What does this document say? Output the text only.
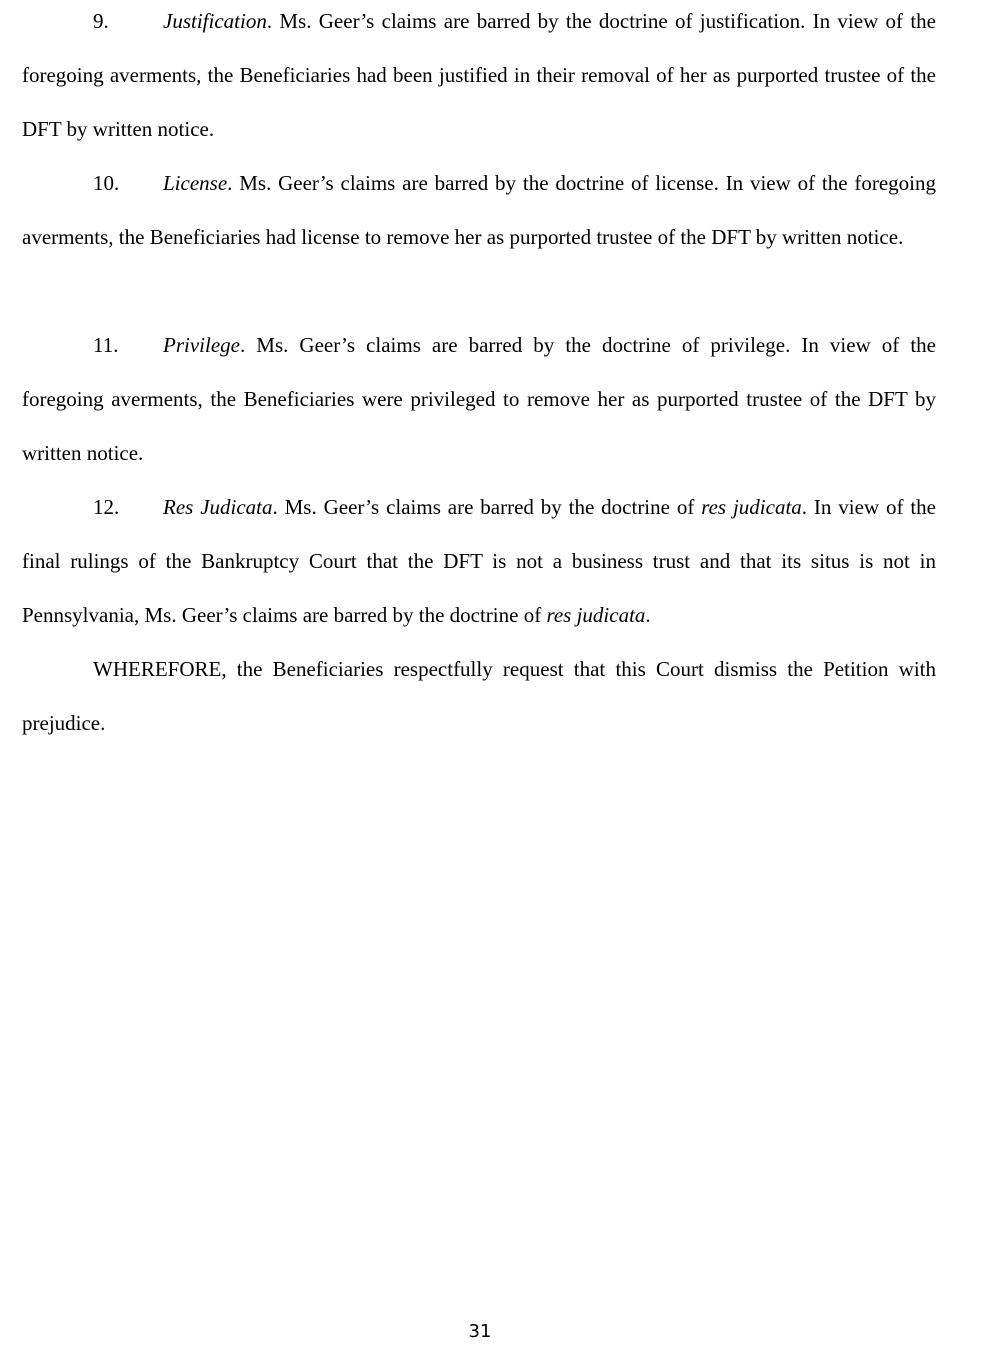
9.	Justification. Ms. Geer’s claims are barred by the doctrine of justification. In view of the foregoing averments, the Beneficiaries had been justified in their removal of her as purported trustee of the DFT by written notice.

10. License. Ms. Geer’s claims are barred by the doctrine of license. In view of the foregoing averments, the Beneficiaries had license to remove her as purported trustee of the DFT by written notice.

11. Privilege. Ms. Geer’s claims are barred by the doctrine of privilege. In view of the foregoing averments, the Beneficiaries were privileged to remove her as purported trustee of the DFT by written notice.

12. Res Judicata. Ms. Geer’s claims are barred by the doctrine of res judicata. In view of the final rulings of the Bankruptcy Court that the DFT is not a business trust and that its situs is not in Pennsylvania, Ms. Geer’s claims are barred by the doctrine of res judicata.

WHEREFORE, the Beneficiaries respectfully request that this Court dismiss the Petition with prejudice.

31
